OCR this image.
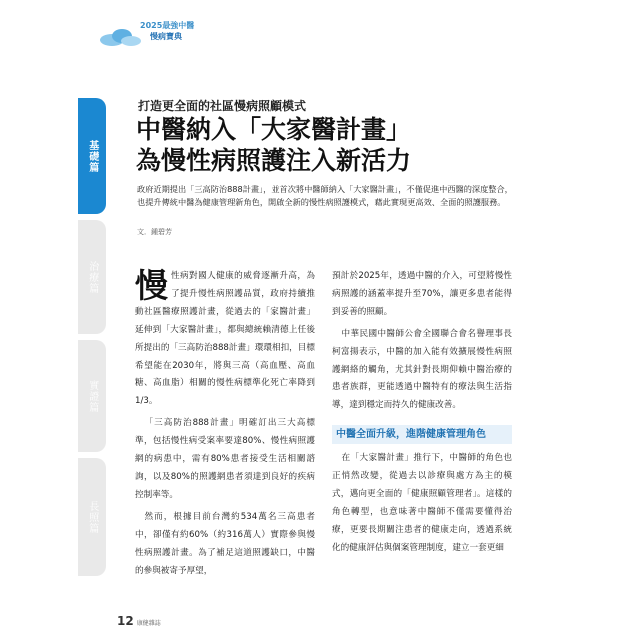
2025最強中醫
慢病寶典
基礎篇
治療篇
實證篇
長照篇
打造更全面的社區慢病照顧模式
中醫納入「大家醫計畫」
為慢性病照護注入新活力
政府近期提出「三高防治888計畫」，並首次將中醫師納入「大家醫計畫」，不僅促進中西醫的深度整合，也提升傳統中醫為健康管理新角色，開啟全新的慢性病照護模式，藉此實現更高效、全面的照護服務。
文．鍾碧芳

慢性病對國人健康的威脅逐漸升高，為了提升慢性病照護品質，政府持續推動社區醫療照護計畫，從過去的「家醫計畫」延伸到「大家醫計畫」，都與總統賴清德上任後所提出的「三高防治888計畫」環環相扣，目標希望能在2030年，將與三高（高血壓、高血糖、高血脂）相關的慢性病標準化死亡率降到1/3。

「三高防治888計畫」明確訂出三大高標準，包括慢性病受案率要達80%、慢性病照護網的病患中，需有80%患者接受生活相關諮詢，以及80%的照護網患者須達到良好的疾病控制率等。

然而，根據目前台灣約534萬名三高患者中，卻僅有約60%（約316萬人）實際參與慢性病照護計畫。為了補足這道照護缺口，中醫的參與被寄予厚望，

預計於2025年，透過中醫的介入，可望將慢性病照護的涵蓋率提升至70%，讓更多患者能得到妥善的照顧。

中華民國中醫師公會全國聯合會名譽理事長柯富揚表示，中醫的加入能有效擴展慢性病照護網絡的觸角，尤其針對長期仰賴中醫治療的患者族群，更能透過中醫特有的療法與生活指導，達到穩定而持久的健康改善。

中醫全面升級，進階健康管理角色

在「大家醫計畫」推行下，中醫師的角色也正悄然改變，從過去以診療與處方為主的模式，邁向更全面的「健康照顧管理者」。這樣的角色轉型，也意味著中醫師不僅需要懂得治療，更要長期關注患者的健康走向，透過系統化的健康評估與個案管理制度，建立一套更細

12 康健雜誌
